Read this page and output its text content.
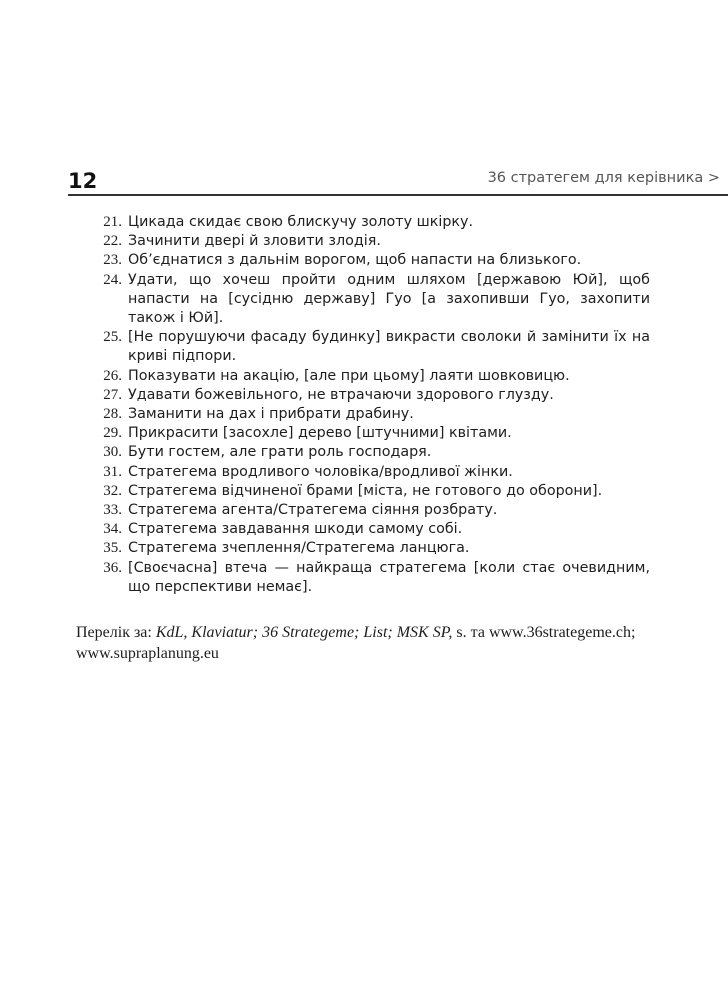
12	36 стратегем для керівника >
21. Цикада скидає свою блискучу золоту шкірку.
22. Зачинити двері й зловити злодія.
23. Об’єднатися з дальнім ворогом, щоб напасти на близького.
24. Удати, що хочеш пройти одним шляхом [державою Юй], щоб напасти на [сусідню державу] Гуо [а захопивши Гуо, захопити також і Юй].
25. [Не порушуючи фасаду будинку] викрасти сволоки й замінити їх на криві підпори.
26. Показувати на акацію, [але при цьому] лаяти шовковицю.
27. Удавати божевільного, не втрачаючи здорового глузду.
28. Заманити на дах і прибрати драбину.
29. Прикрасити [засохле] дерево [штучними] квітами.
30. Бути гостем, але грати роль господаря.
31. Стратегема вродливого чоловіка/вродливої жінки.
32. Стратегема відчиненої брами [міста, не готового до оборони].
33. Стратегема агента/Стратегема сіяння розбрату.
34. Стратегема завдавання шкоди самому собі.
35. Стратегема зчеплення/Стратегема ланцюга.
36. [Своєчасна] втеча — найкраща стратегема [коли стає очевидним, що перспективи немає].

Перелік за: KdL, Klaviatur; 36 Strategeme; List; MSK SP, s. та www.36strategeme.ch; www.supraplanung.eu
